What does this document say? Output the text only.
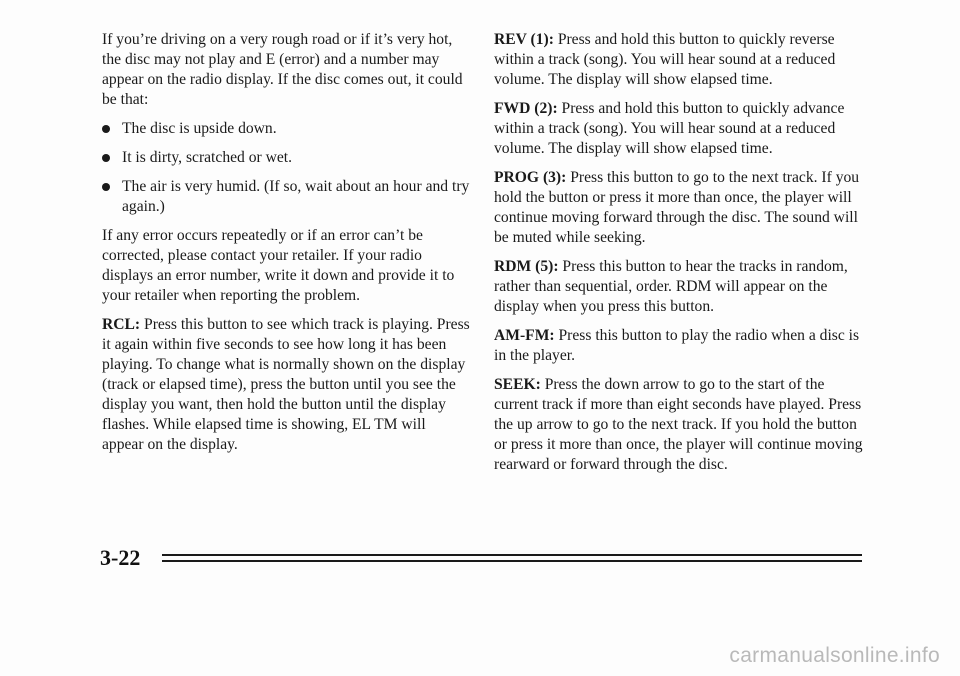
If you’re driving on a very rough road or if it’s very hot, the disc may not play and E (error) and a number may appear on the radio display. If the disc comes out, it could be that:

The disc is upside down.
It is dirty, scratched or wet.
The air is very humid. (If so, wait about an hour and try again.)

If any error occurs repeatedly or if an error can’t be corrected, please contact your retailer. If your radio displays an error number, write it down and provide it to your retailer when reporting the problem.

RCL: Press this button to see which track is playing. Press it again within five seconds to see how long it has been playing. To change what is normally shown on the display (track or elapsed time), press the button until you see the display you want, then hold the button until the display flashes. While elapsed time is showing, EL TM will appear on the display.

REV (1): Press and hold this button to quickly reverse within a track (song). You will hear sound at a reduced volume. The display will show elapsed time.

FWD (2): Press and hold this button to quickly advance within a track (song). You will hear sound at a reduced volume. The display will show elapsed time.

PROG (3): Press this button to go to the next track. If you hold the button or press it more than once, the player will continue moving forward through the disc. The sound will be muted while seeking.

RDM (5): Press this button to hear the tracks in random, rather than sequential, order. RDM will appear on the display when you press this button.

AM-FM: Press this button to play the radio when a disc is in the player.

SEEK: Press the down arrow to go to the start of the current track if more than eight seconds have played. Press the up arrow to go to the next track. If you hold the button or press it more than once, the player will continue moving rearward or forward through the disc.

3-22
carmanualsonline.info
